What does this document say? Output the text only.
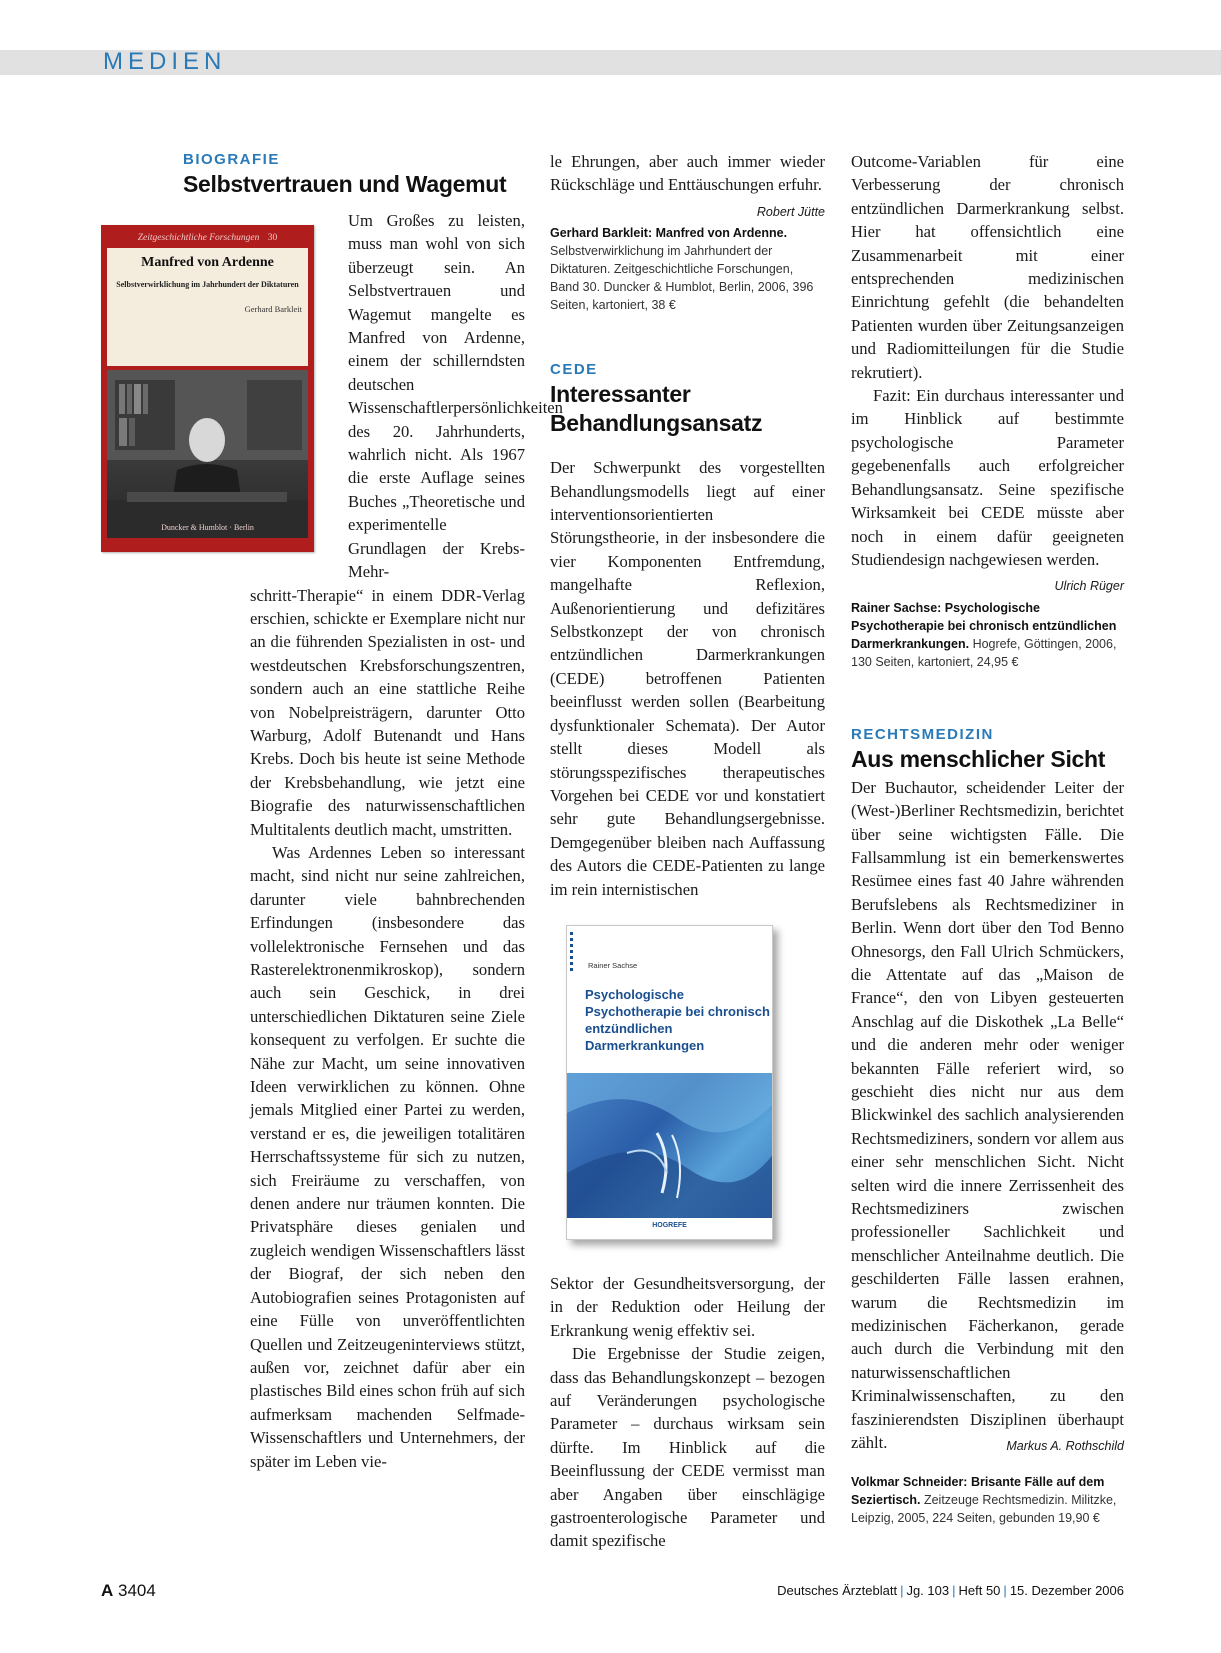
MEDIEN
Zeitgeschichtliche Forschungen 30
Manfred von Ardenne
Selbstverwirklichung im Jahrhundert der Diktaturen
Gerhard Barkleit
Duncker & Humblot · Berlin
BIOGRAFIE
Selbstvertrauen und Wagemut

Um Großes zu leisten, muss man wohl von sich überzeugt sein. An Selbstvertrauen und Wagemut mangelte es Manfred von Ardenne, einem der schillerndsten deutschen Wissenschaftlerpersönlichkeiten des 20. Jahrhunderts, wahrlich nicht. Als 1967 die erste Auflage seines Buches „Theoretische und experimentelle Grundlagen der Krebs-Mehr-

schritt-Therapie“ in einem DDR-Verlag erschien, schickte er Exemplare nicht nur an die führenden Spezialisten in ost- und westdeutschen Krebsforschungszentren, sondern auch an eine stattliche Reihe von Nobelpreisträgern, darunter Otto Warburg, Adolf Butenandt und Hans Krebs. Doch bis heute ist seine Methode der Krebsbehandlung, wie jetzt eine Biografie des naturwissenschaftlichen Multitalents deutlich macht, umstritten.

Was Ardennes Leben so interessant macht, sind nicht nur seine zahlreichen, darunter viele bahnbrechenden Erfindungen (insbesondere das vollelektronische Fernsehen und das Rasterelektronenmikroskop), sondern auch sein Geschick, in drei unterschiedlichen Diktaturen seine Ziele konsequent zu verfolgen. Er suchte die Nähe zur Macht, um seine innovativen Ideen verwirklichen zu können. Ohne jemals Mitglied einer Partei zu werden, verstand er es, die jeweiligen totalitären Herrschaftssysteme für sich zu nutzen, sich Freiräume zu verschaffen, von denen andere nur träumen konnten. Die Privatsphäre dieses genialen und zugleich wendigen Wissenschaftlers lässt der Biograf, der sich neben den Autobiografien seines Protagonisten auf eine Fülle von unveröffentlichten Quellen und Zeitzeugeninterviews stützt, außen vor, zeichnet dafür aber ein plastisches Bild eines schon früh auf sich aufmerksam machenden Selfmade-Wissenschaftlers und Unternehmers, der später im Leben vie-

le Ehrungen, aber auch immer wieder Rückschläge und Enttäuschungen erfuhr.
Robert Jütte

Gerhard Barkleit: Manfred von Ardenne. Selbstverwirklichung im Jahrhundert der Diktaturen. Zeitgeschichtliche Forschungen, Band 30. Duncker & Humblot, Berlin, 2006, 396 Seiten, kartoniert, 38 €
CEDE
Interessanter Behandlungsansatz

Der Schwerpunkt des vorgestellten Behandlungsmodells liegt auf einer interventionsorientierten Störungstheorie, in der insbesondere die vier Komponenten Entfremdung, mangelhafte Reflexion, Außenorientierung und defizitäres Selbstkonzept der von chronisch entzündlichen Darmerkrankungen (CEDE) betroffenen Patienten beeinflusst werden sollen (Bearbeitung dysfunktionaler Schemata). Der Autor stellt dieses Modell als störungsspezifisches therapeutisches Vorgehen bei CEDE vor und konstatiert sehr gute Behandlungsergebnisse. Demgegenüber bleiben nach Auffassung des Autors die CEDE-Patienten zu lange im rein internistischen

Sektor der Gesundheitsversorgung, der in der Reduktion oder Heilung der Erkrankung wenig effektiv sei.

Die Ergebnisse der Studie zeigen, dass das Behandlungskonzept – bezogen auf Veränderungen psychologische Parameter – durchaus wirksam sein dürfte. Im Hinblick auf die Beeinflussung der CEDE vermisst man aber Angaben über einschlägige gastroenterologische Parameter und damit spezifische

Rainer Sachse
Psychologische Psychotherapie bei chronisch entzündlichen Darmerkrankungen
HOGREFE

Outcome-Variablen für eine Verbesserung der chronisch entzündlichen Darmerkrankung selbst. Hier hat offensichtlich eine Zusammenarbeit mit einer entsprechenden medizinischen Einrichtung gefehlt (die behandelten Patienten wurden über Zeitungsanzeigen und Radiomitteilungen für die Studie rekrutiert).

Fazit: Ein durchaus interessanter und im Hinblick auf bestimmte psychologische Parameter gegebenenfalls auch erfolgreicher Behandlungsansatz. Seine spezifische Wirksamkeit bei CEDE müsste aber noch in einem dafür geeigneten Studiendesign nachgewiesen werden.
Ulrich Rüger

Rainer Sachse: Psychologische Psychotherapie bei chronisch entzündlichen Darmerkrankungen. Hogrefe, Göttingen, 2006, 130 Seiten, kartoniert, 24,95 €
RECHTSMEDIZIN
Aus menschlicher Sicht

Der Buchautor, scheidender Leiter der (West-)Berliner Rechtsmedizin, berichtet über seine wichtigsten Fälle. Die Fallsammlung ist ein bemerkenswertes Resümee eines fast 40 Jahre währenden Berufslebens als Rechtsmediziner in Berlin. Wenn dort über den Tod Benno Ohnesorgs, den Fall Ulrich Schmückers, die Attentate auf das „Maison de France“, den von Libyen gesteuerten Anschlag auf die Diskothek „La Belle“ und die anderen mehr oder weniger bekannten Fälle referiert wird, so geschieht dies nicht nur aus dem Blickwinkel des sachlich analysierenden Rechtsmediziners, sondern vor allem aus einer sehr menschlichen Sicht. Nicht selten wird die innere Zerrissenheit des Rechtsmediziners zwischen professioneller Sachlichkeit und menschlicher Anteilnahme deutlich. Die geschilderten Fälle lassen erahnen, warum die Rechtsmedizin im medizinischen Fächerkanon, gerade auch durch die Verbindung mit den naturwissenschaftlichen Kriminalwissenschaften, zu den faszinierendsten Disziplinen überhaupt zählt.	Markus A. Rothschild

Volkmar Schneider: Brisante Fälle auf dem Seziertisch. Zeitzeuge Rechtsmedizin. Militzke, Leipzig, 2005, 224 Seiten, gebunden 19,90 €
A 3404	Deutsches Ärzteblatt | Jg. 103 | Heft 50 | 15. Dezember 2006
